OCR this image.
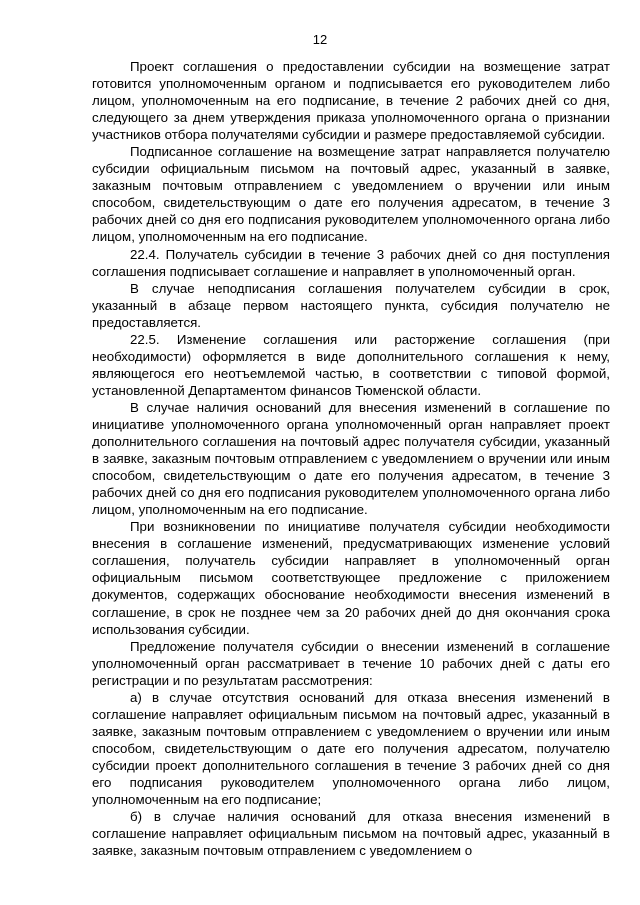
12

Проект соглашения о предоставлении субсидии на возмещение затрат готовится уполномоченным органом и подписывается его руководителем либо лицом, уполномоченным на его подписание, в течение 2 рабочих дней со дня, следующего за днем утверждения приказа уполномоченного органа о признании участников отбора получателями субсидии и размере предоставляемой субсидии.

Подписанное соглашение на возмещение затрат направляется получателю субсидии официальным письмом на почтовый адрес, указанный в заявке, заказным почтовым отправлением с уведомлением о вручении или иным способом, свидетельствующим о дате его получения адресатом, в течение 3 рабочих дней со дня его подписания руководителем уполномоченного органа либо лицом, уполномоченным на его подписание.

22.4. Получатель субсидии в течение 3 рабочих дней со дня поступления соглашения подписывает соглашение и направляет в уполномоченный орган.

В случае неподписания соглашения получателем субсидии в срок, указанный в абзаце первом настоящего пункта, субсидия получателю не предоставляется.

22.5. Изменение соглашения или расторжение соглашения (при необходимости) оформляется в виде дополнительного соглашения к нему, являющегося его неотъемлемой частью, в соответствии с типовой формой, установленной Департаментом финансов Тюменской области.

В случае наличия оснований для внесения изменений в соглашение по инициативе уполномоченного органа уполномоченный орган направляет проект дополнительного соглашения на почтовый адрес получателя субсидии, указанный в заявке, заказным почтовым отправлением с уведомлением о вручении или иным способом, свидетельствующим о дате его получения адресатом, в течение 3 рабочих дней со дня его подписания руководителем уполномоченного органа либо лицом, уполномоченным на его подписание.

При возникновении по инициативе получателя субсидии необходимости внесения в соглашение изменений, предусматривающих изменение условий соглашения, получатель субсидии направляет в уполномоченный орган официальным письмом соответствующее предложение с приложением документов, содержащих обоснование необходимости внесения изменений в соглашение, в срок не позднее чем за 20 рабочих дней до дня окончания срока использования субсидии.

Предложение получателя субсидии о внесении изменений в соглашение уполномоченный орган рассматривает в течение 10 рабочих дней с даты его регистрации и по результатам рассмотрения:

а) в случае отсутствия оснований для отказа внесения изменений в соглашение направляет официальным письмом на почтовый адрес, указанный в заявке, заказным почтовым отправлением с уведомлением о вручении или иным способом, свидетельствующим о дате его получения адресатом, получателю субсидии проект дополнительного соглашения в течение 3 рабочих дней со дня его подписания руководителем уполномоченного органа либо лицом, уполномоченным на его подписание;

б) в случае наличия оснований для отказа внесения изменений в соглашение направляет официальным письмом на почтовый адрес, указанный в заявке, заказным почтовым отправлением с уведомлением о
